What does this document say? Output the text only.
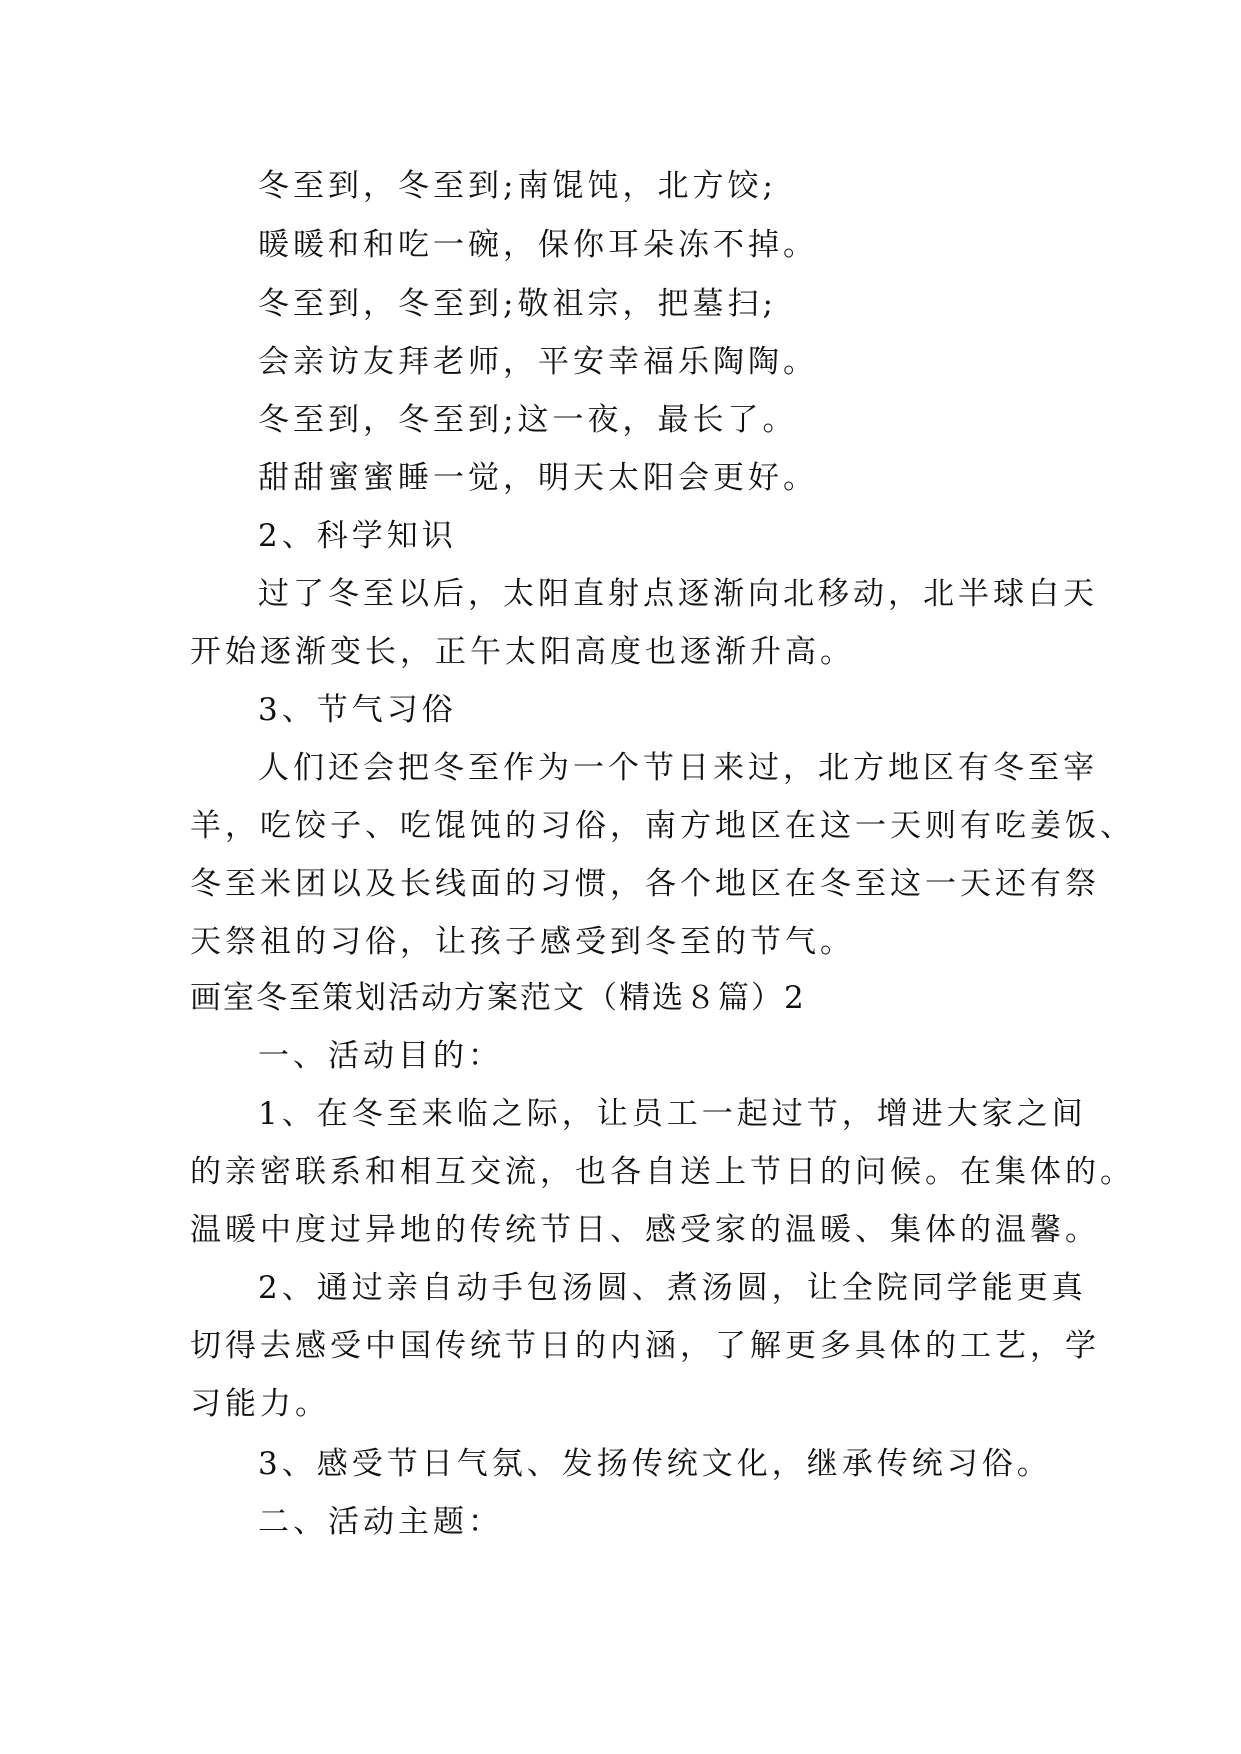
冬至到，冬至到;南馄饨，北方饺;
暖暖和和吃一碗，保你耳朵冻不掉。
冬至到，冬至到;敬祖宗，把墓扫;
会亲访友拜老师，平安幸福乐陶陶。
冬至到，冬至到;这一夜，最长了。
甜甜蜜蜜睡一觉，明天太阳会更好。
2、科学知识
过了冬至以后，太阳直射点逐渐向北移动，北半球白天
开始逐渐变长，正午太阳高度也逐渐升高。
3、节气习俗
人们还会把冬至作为一个节日来过，北方地区有冬至宰
羊，吃饺子、吃馄饨的习俗，南方地区在这一天则有吃姜饭、
冬至米团以及长线面的习惯，各个地区在冬至这一天还有祭
天祭祖的习俗，让孩子感受到冬至的节气。
画室冬至策划活动方案范文（精选８篇）2
一、活动目的：
1、在冬至来临之际，让员工一起过节，增进大家之间
的亲密联系和相互交流，也各自送上节日的问候。在集体的。
温暖中度过异地的传统节日、感受家的温暖、集体的温馨。
2、通过亲自动手包汤圆、煮汤圆，让全院同学能更真
切得去感受中国传统节日的内涵，了解更多具体的工艺，学
习能力。
3、感受节日气氛、发扬传统文化，继承传统习俗。
二、活动主题：
